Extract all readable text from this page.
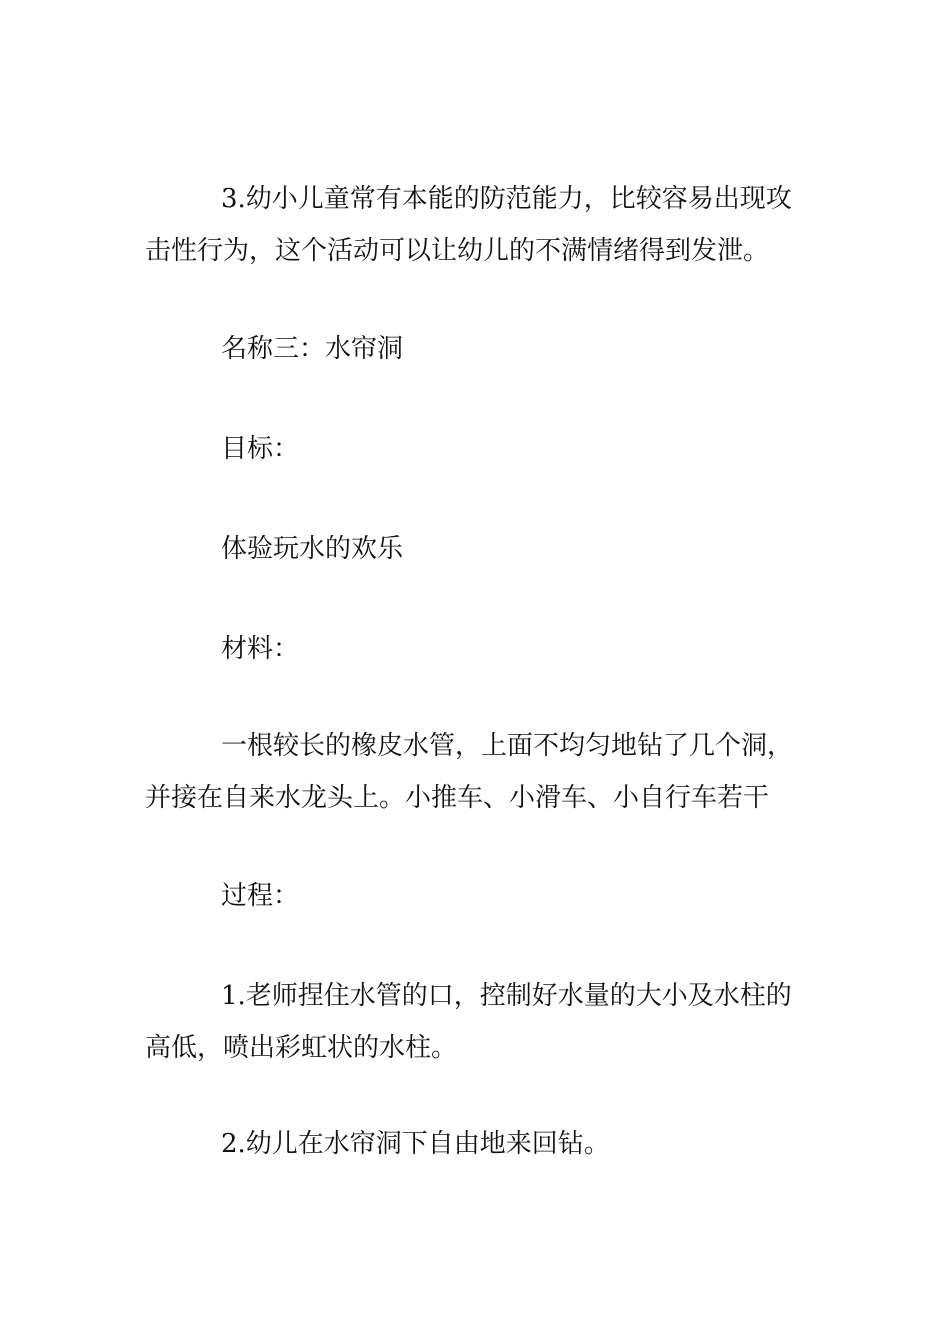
3.幼小儿童常有本能的防范能力，比较容易出现攻击性行为，这个活动可以让幼儿的不满情绪得到发泄。

名称三：水帘洞

目标：

体验玩水的欢乐

材料：

一根较长的橡皮水管，上面不均匀地钻了几个洞，并接在自来水龙头上。小推车、小滑车、小自行车若干

过程：

1.老师捏住水管的口，控制好水量的大小及水柱的高低，喷出彩虹状的水柱。

2.幼儿在水帘洞下自由地来回钻。
